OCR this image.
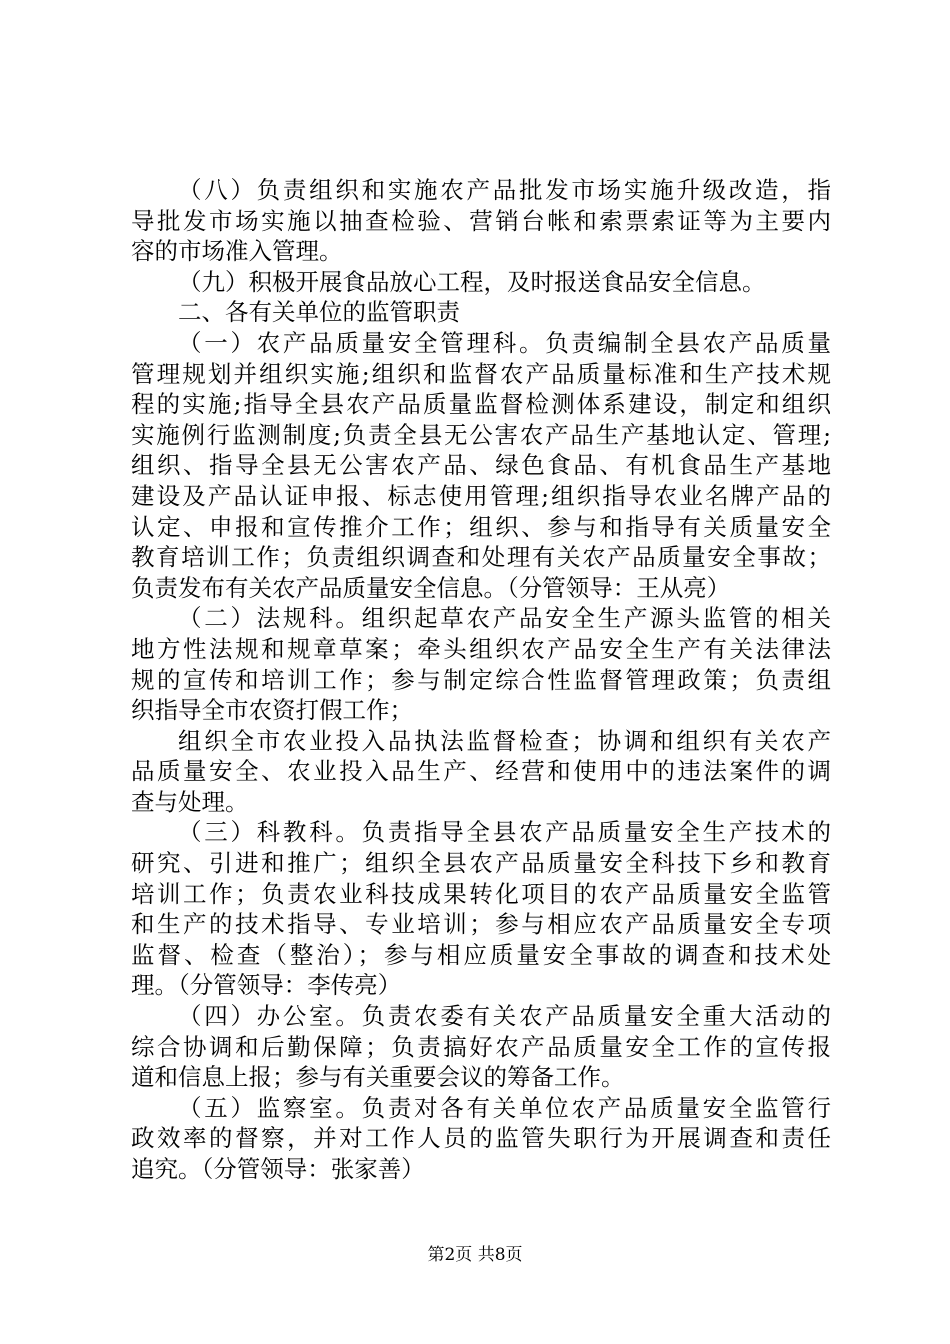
（八）负责组织和实施农产品批发市场实施升级改造，指
导批发市场实施以抽查检验、营销台帐和索票索证等为主要内
容的市场准入管理。
（九）积极开展食品放心工程，及时报送食品安全信息。
二、各有关单位的监管职责
（一）农产品质量安全管理科。负责编制全县农产品质量
管理规划并组织实施;组织和监督农产品质量标准和生产技术规
程的实施;指导全县农产品质量监督检测体系建设，制定和组织
实施例行监测制度;负责全县无公害农产品生产基地认定、管理;
组织、指导全县无公害农产品、绿色食品、有机食品生产基地
建设及产品认证申报、标志使用管理;组织指导农业名牌产品的
认定、申报和宣传推介工作；组织、参与和指导有关质量安全
教育培训工作；负责组织调查和处理有关农产品质量安全事故；
负责发布有关农产品质量安全信息。（分管领导：王从亮）
（二）法规科。组织起草农产品安全生产源头监管的相关
地方性法规和规章草案；牵头组织农产品安全生产有关法律法
规的宣传和培训工作；参与制定综合性监督管理政策；负责组
织指导全市农资打假工作；
组织全市农业投入品执法监督检查；协调和组织有关农产
品质量安全、农业投入品生产、经营和使用中的违法案件的调
查与处理。
（三）科教科。负责指导全县农产品质量安全生产技术的
研究、引进和推广；组织全县农产品质量安全科技下乡和教育
培训工作；负责农业科技成果转化项目的农产品质量安全监管
和生产的技术指导、专业培训；参与相应农产品质量安全专项
监督、检查（整治）；参与相应质量安全事故的调查和技术处
理。（分管领导：李传亮）
（四）办公室。负责农委有关农产品质量安全重大活动的
综合协调和后勤保障；负责搞好农产品质量安全工作的宣传报
道和信息上报；参与有关重要会议的筹备工作。
（五）监察室。负责对各有关单位农产品质量安全监管行
政效率的督察，并对工作人员的监管失职行为开展调查和责任
追究。（分管领导：张家善）
第2页 共8页
